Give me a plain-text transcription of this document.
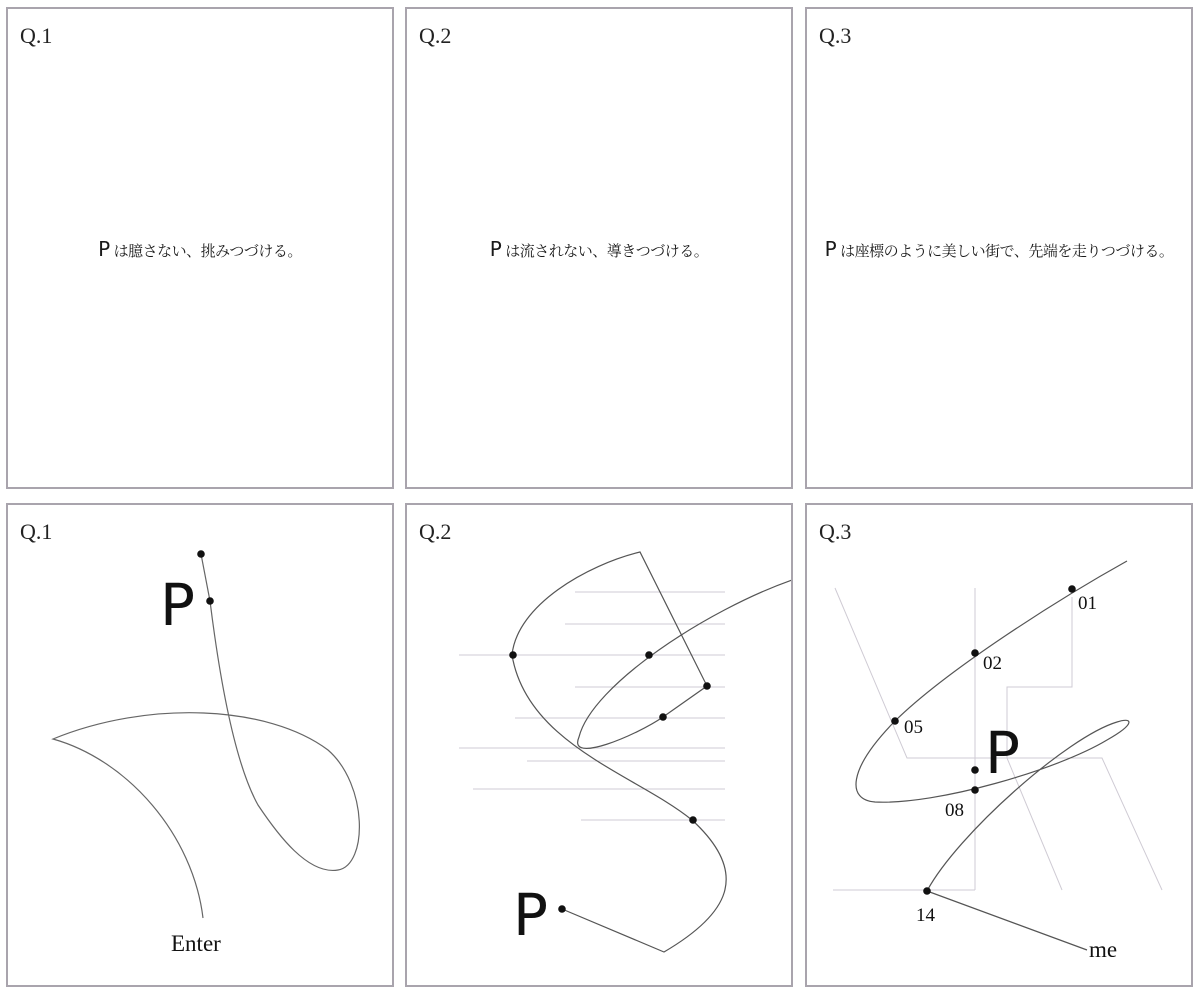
Q.1
P は臆さない、挑みつづける。
Q.2
P は流されない、導きつづける。
Q.3
P は座標のように美しい街で、先端を走りつづける。
P
Enter
Q.1
P
Q.2
01
02
05
08
14
P
me
Q.3
